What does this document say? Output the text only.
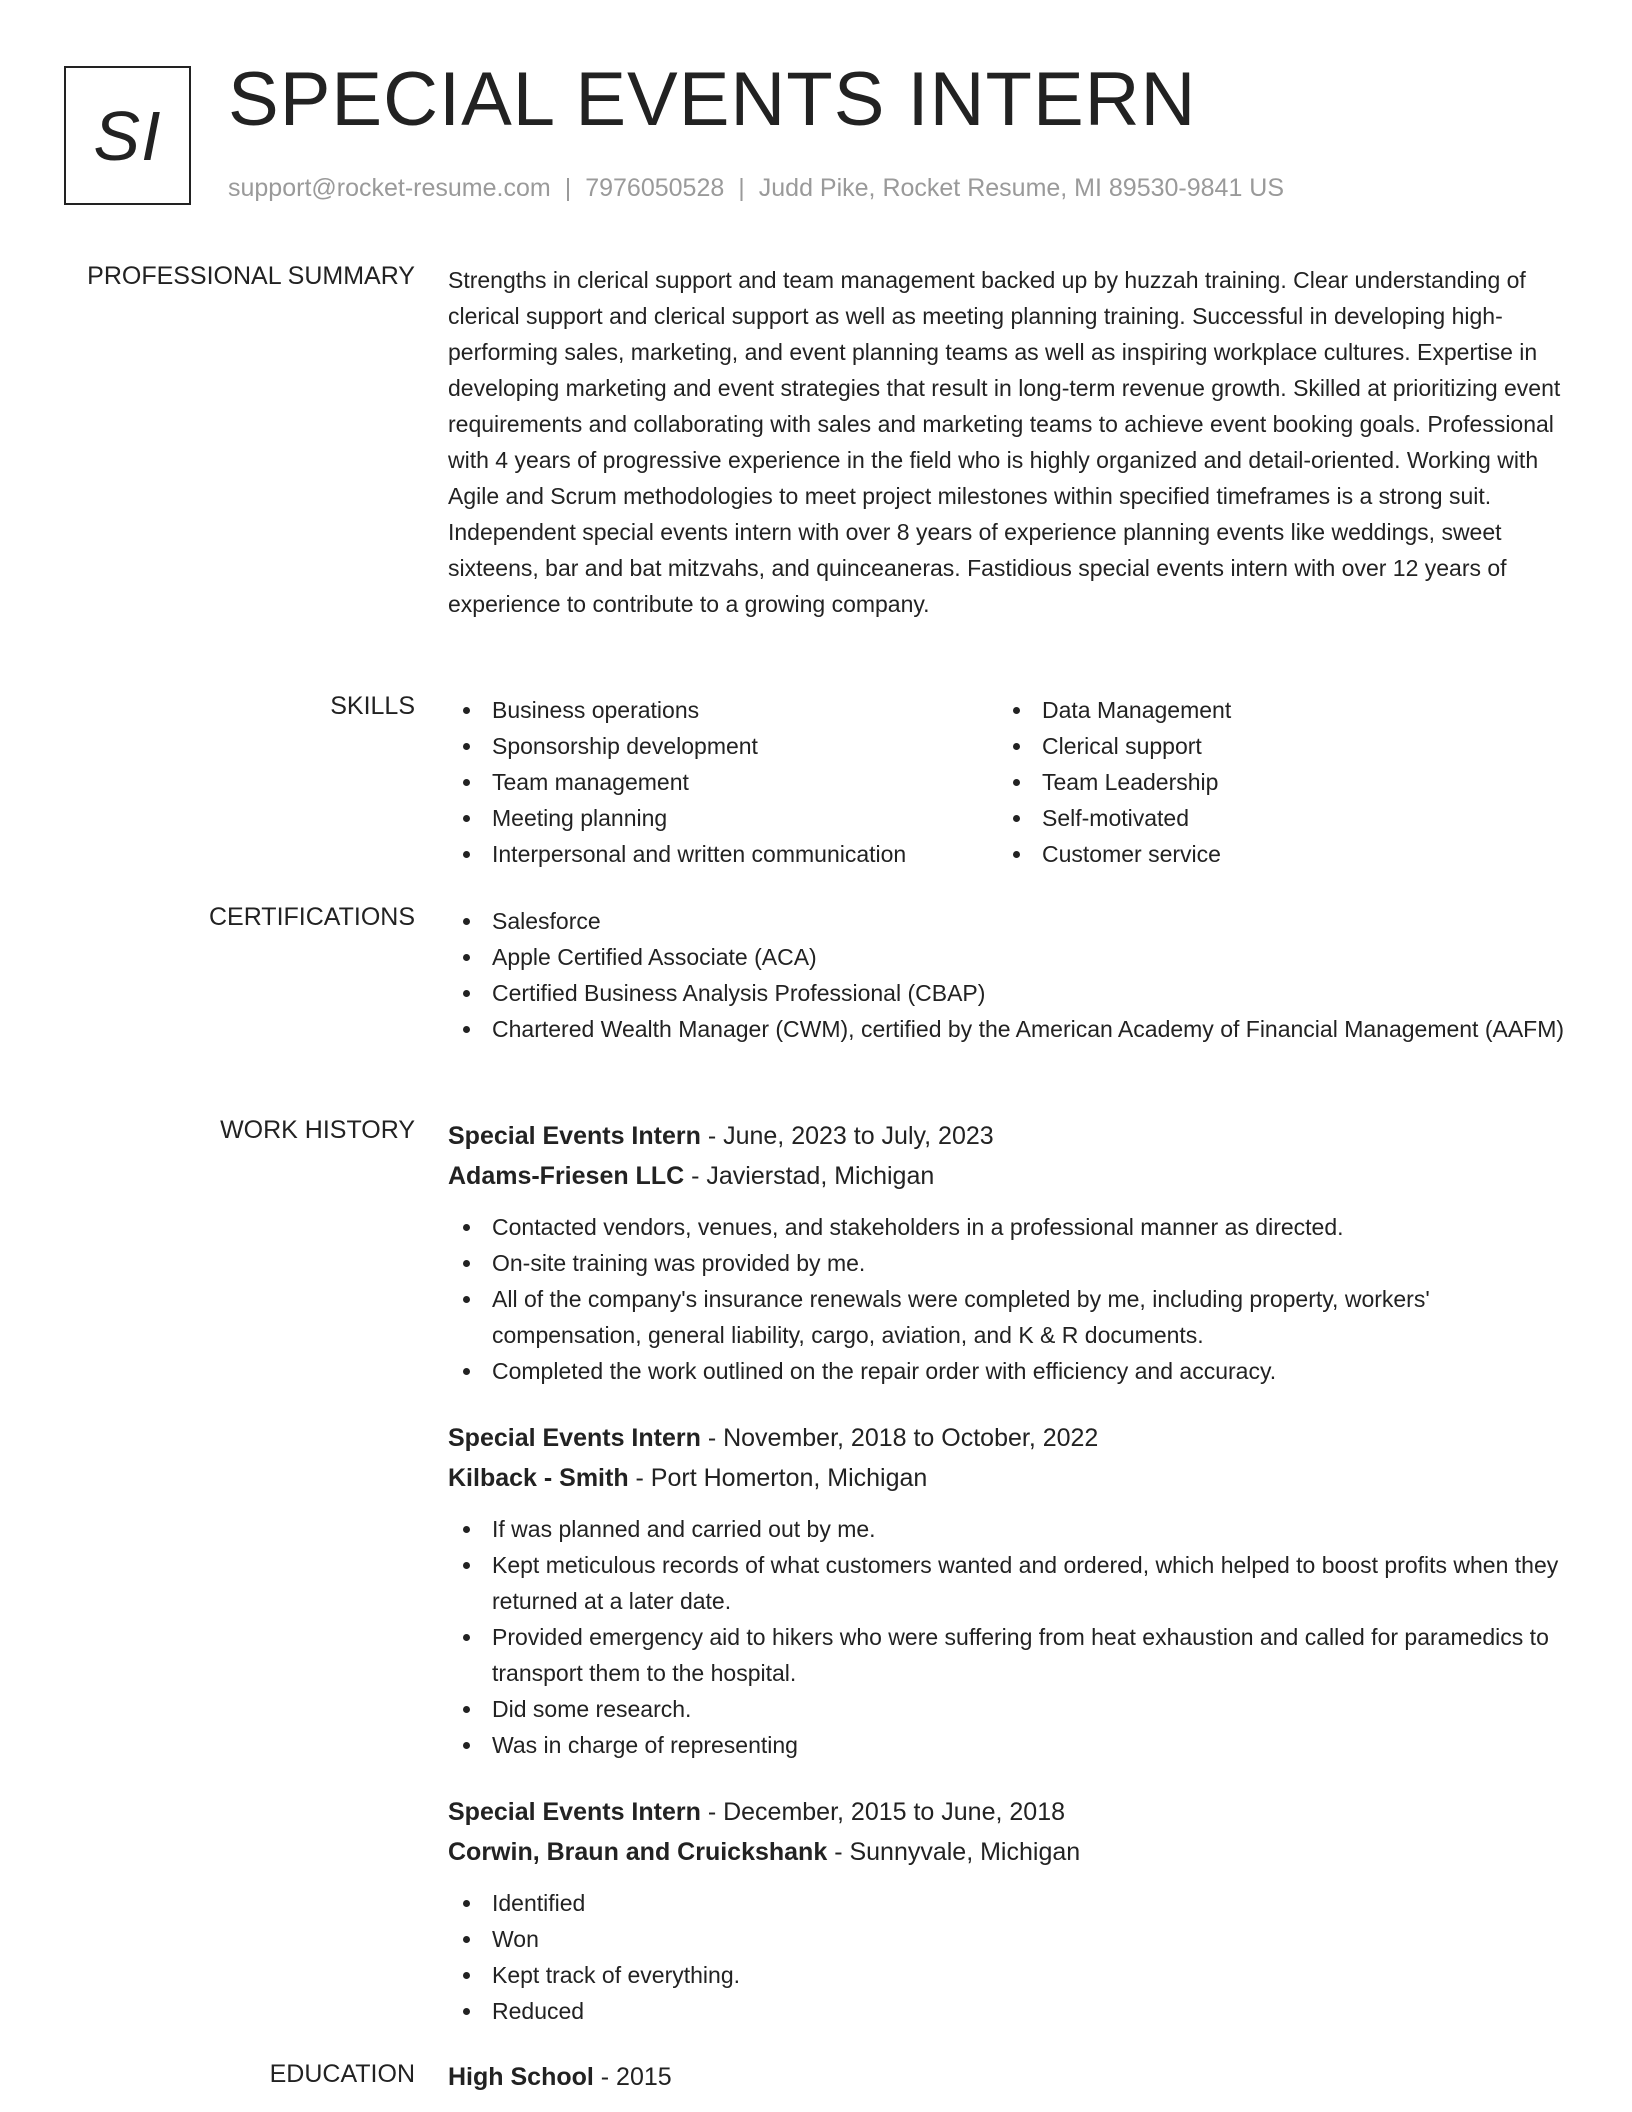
SI SPECIAL EVENTS INTERN
support@rocket-resume.com | 7976050528 | Judd Pike, Rocket Resume, MI 89530-9841 US
PROFESSIONAL SUMMARY Strengths in clerical support and team management backed up by huzzah training. Clear understanding of clerical support and clerical support as well as meeting planning training. Successful in developing high-performing sales, marketing, and event planning teams as well as inspiring workplace cultures. Expertise in developing marketing and event strategies that result in long-term revenue growth. Skilled at prioritizing event requirements and collaborating with sales and marketing teams to achieve event booking goals. Professional with 4 years of progressive experience in the field who is highly organized and detail-oriented. Working with Agile and Scrum methodologies to meet project milestones within specified timeframes is a strong suit. Independent special events intern with over 8 years of experience planning events like weddings, sweet sixteens, bar and bat mitzvahs, and quinceaneras. Fastidious special events intern with over 12 years of experience to contribute to a growing company.

SKILLS	Business operations
Sponsorship development
Team management
Meeting planning
Interpersonal and written communication
Data Management
Clerical support
Team Leadership
Self-motivated
Customer service
CERTIFICATIONS	Salesforce
Apple Certified Associate (ACA)
Certified Business Analysis Professional (CBAP)
Chartered Wealth Manager (CWM), certified by the American Academy of Financial Management (AAFM)
WORK HISTORY Special Events Intern - June, 2023 to July, 2023
Adams-Friesen LLC - Javierstad, Michigan
Contacted vendors, venues, and stakeholders in a professional manner as directed.
On-site training was provided by me.
All of the company's insurance renewals were completed by me, including property, workers' compensation, general liability, cargo, aviation, and K & R documents.
Completed the work outlined on the repair order with efficiency and accuracy.
Special Events Intern - November, 2018 to October, 2022
Kilback - Smith - Port Homerton, Michigan
If was planned and carried out by me.
Kept meticulous records of what customers wanted and ordered, which helped to boost profits when they returned at a later date.
Provided emergency aid to hikers who were suffering from heat exhaustion and called for paramedics to transport them to the hospital.
Did some research.
Was in charge of representing
Special Events Intern - December, 2015 to June, 2018
Corwin, Braun and Cruickshank - Sunnyvale, Michigan
Identified
Won
Kept track of everything.
Reduced
EDUCATION High School - 2015
